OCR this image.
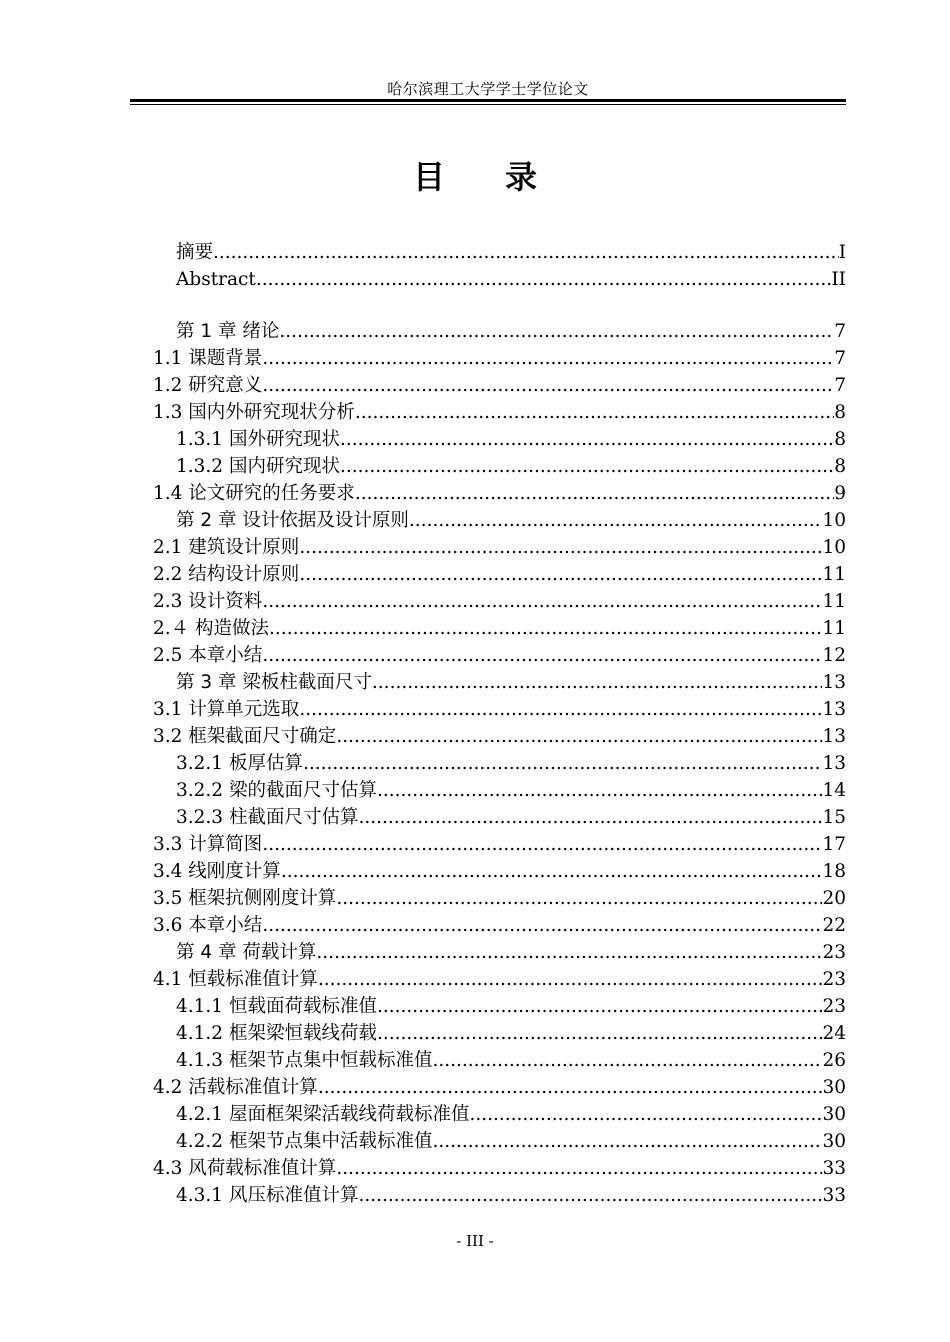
哈尔滨理工大学学士学位论文
目录
摘要 .....	I
Abstract .....	II
第 1 章 绪论 .....	7
1.1 课题背景 .....	7
1.2 研究意义 .....	7
1.3 国内外研究现状分析 .....	8
1.3.1 国外研究现状 .....	8
1.3.2 国内研究现状 .....	8
1.4 论文研究的任务要求 .....	9
第 2 章 设计依据及设计原则 .....	10
2.1 建筑设计原则 .....	10
2.2 结构设计原则 .....	11
2.3 设计资料 .....	11
2.４ 构造做法 .....	11
2.5 本章小结 .....	12
第 3 章 梁板柱截面尺寸 .....	13
3.1 计算单元选取 .....	13
3.2 框架截面尺寸确定 .....	13
3.2.1 板厚估算 .....	13
3.2.2 梁的截面尺寸估算 .....	14
3.2.3 柱截面尺寸估算 .....	15
3.3 计算简图 .....	17
3.4 线刚度计算 .....	18
3.5 框架抗侧刚度计算 .....	20
3.6 本章小结 .....	22
第 4 章 荷载计算 .....	23
4.1 恒载标准值计算 .....	23
4.1.1 恒载面荷载标准值 .....	23
4.1.2 框架梁恒载线荷载 .....	24
4.1.3 框架节点集中恒载标准值 .....	26
4.2 活载标准值计算 .....	30
4.2.1 屋面框架梁活载线荷载标准值 .....	30
4.2.2 框架节点集中活载标准值 .....	30
4.3 风荷载标准值计算 .....	33
4.3.1 风压标准值计算 .....	33
- III -
